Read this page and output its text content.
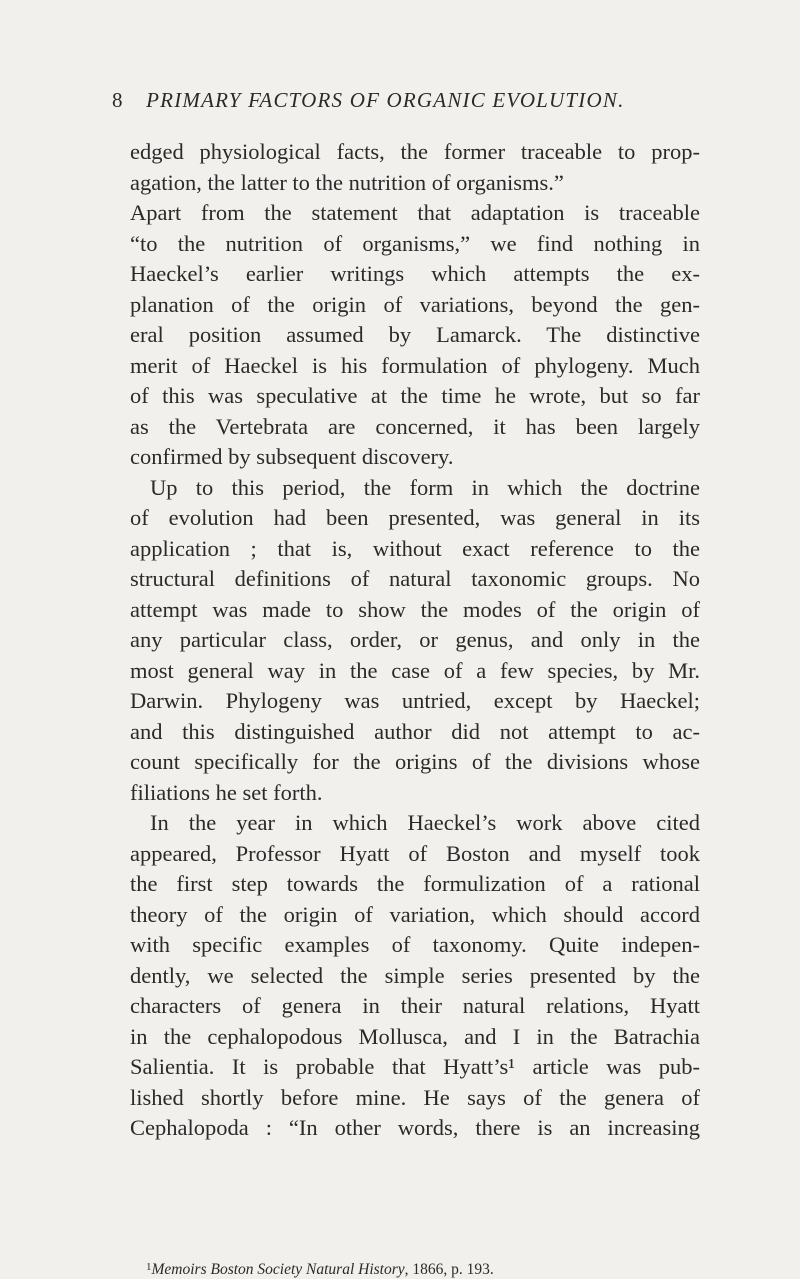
8 PRIMARY FACTORS OF ORGANIC EVOLUTION.
edged physiological facts, the former traceable to prop-
agation, the latter to the nutrition of organisms.”
Apart from the statement that adaptation is traceable
“to the nutrition of organisms,” we find nothing in
Haeckel’s earlier writings which attempts the ex-
planation of the origin of variations, beyond the gen-
eral position assumed by Lamarck. The distinctive
merit of Haeckel is his formulation of phylogeny. Much
of this was speculative at the time he wrote, but so far
as the Vertebrata are concerned, it has been largely
confirmed by subsequent discovery.
Up to this period, the form in which the doctrine
of evolution had been presented, was general in its
application ; that is, without exact reference to the
structural definitions of natural taxonomic groups. No
attempt was made to show the modes of the origin of
any particular class, order, or genus, and only in the
most general way in the case of a few species, by Mr.
Darwin. Phylogeny was untried, except by Haeckel;
and this distinguished author did not attempt to ac-
count specifically for the origins of the divisions whose
filiations he set forth.
In the year in which Haeckel’s work above cited
appeared, Professor Hyatt of Boston and myself took
the first step towards the formulization of a rational
theory of the origin of variation, which should accord
with specific examples of taxonomy. Quite indepen-
dently, we selected the simple series presented by the
characters of genera in their natural relations, Hyatt
in the cephalopodous Mollusca, and I in the Batrachia
Salientia. It is probable that Hyatt’s¹ article was pub-
lished shortly before mine. He says of the genera of
Cephalopoda : “In other words, there is an increasing
$^1$Memoirs Boston Society Natural History, 1866, p. 193.
